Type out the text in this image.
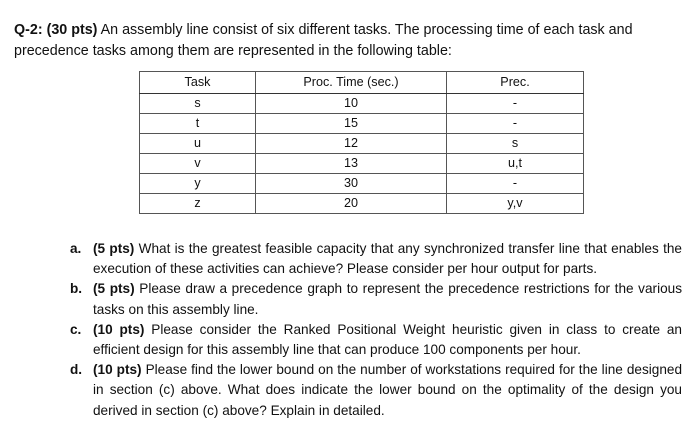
Q-2: (30 pts) An assembly line consist of six different tasks. The processing time of each task and precedence tasks among them are represented in the following table:
Task	Proc. Time (sec.)	Prec.
s	10	-
t	15	-
u	12	s
v	13	u,t
y	30	-
z	20	y,v
a. (5 pts) What is the greatest feasible capacity that any synchronized transfer line that enables the execution of these activities can achieve? Please consider per hour output for parts.
b. (5 pts) Please draw a precedence graph to represent the precedence restrictions for the various tasks on this assembly line.
c. (10 pts) Please consider the Ranked Positional Weight heuristic given in class to create an efficient design for this assembly line that can produce 100 components per hour.
d. (10 pts) Please find the lower bound on the number of workstations required for the line designed in section (c) above. What does indicate the lower bound on the optimality of the design you derived in section (c) above? Explain in detailed.
